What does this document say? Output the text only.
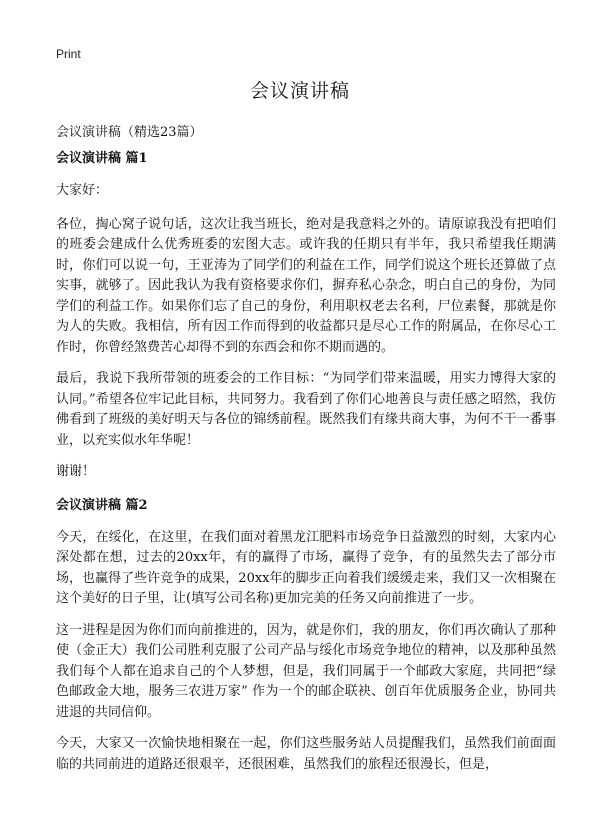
Print
会议演讲稿
会议演讲稿（精选23篇）
会议演讲稿 篇1

大家好：

各位，掏心窝子说句话，这次让我当班长，绝对是我意料之外的。请原谅我没有把咱们的班委会建成什么优秀班委的宏图大志。或许我的任期只有半年，我只希望我任期满时，你们可以说一句，王亚涛为了同学们的利益在工作，同学们说这个班长还算做了点实事，就够了。因此我认为我有资格要求你们，摒弃私心杂念，明白自己的身份，为同学们的利益工作。如果你们忘了自己的身份，利用职权老去名利，尸位素餐，那就是你为人的失败。我相信，所有因工作而得到的收益都只是尽心工作的附属品，在你尽心工作时，你曾经煞费苦心却得不到的东西会和你不期而遇的。

最后，我说下我所带领的班委会的工作目标：“为同学们带来温暖，用实力博得大家的认同。”希望各位牢记此目标，共同努力。我看到了你们心地善良与责任感之昭然，我仿佛看到了班级的美好明天与各位的锦绣前程。既然我们有缘共商大事，为何不干一番事业，以充实似水年华呢！

谢谢！

会议演讲稿 篇2

今天，在绥化，在这里，在我们面对着黑龙江肥料市场竞争日益激烈的时刻，大家内心深处都在想，过去的20xx年，有的赢得了市场，赢得了竞争，有的虽然失去了部分市场，也赢得了些许竞争的成果，20xx年的脚步正向着我们缓缓走来，我们又一次相聚在这个美好的日子里，让(填写公司名称)更加完美的任务又向前推进了一步。

这一进程是因为你们而向前推进的，因为，就是你们，我的朋友，你们再次确认了那种使（金正大）我们公司胜利克服了公司产品与绥化市场竞争地位的精神，以及那种虽然我们每个人都在追求自己的个人梦想，但是，我们同属于一个邮政大家庭，共同把“绿色邮政金大地，服务三农进万家” 作为一个的邮企联袂、创百年优质服务企业，协同共进退的共同信仰。

今天，大家又一次愉快地相聚在一起，你们这些服务站人员提醒我们，虽然我们前面面临的共同前进的道路还很艰辛，还很困难，虽然我们的旅程还很漫长，但是，
